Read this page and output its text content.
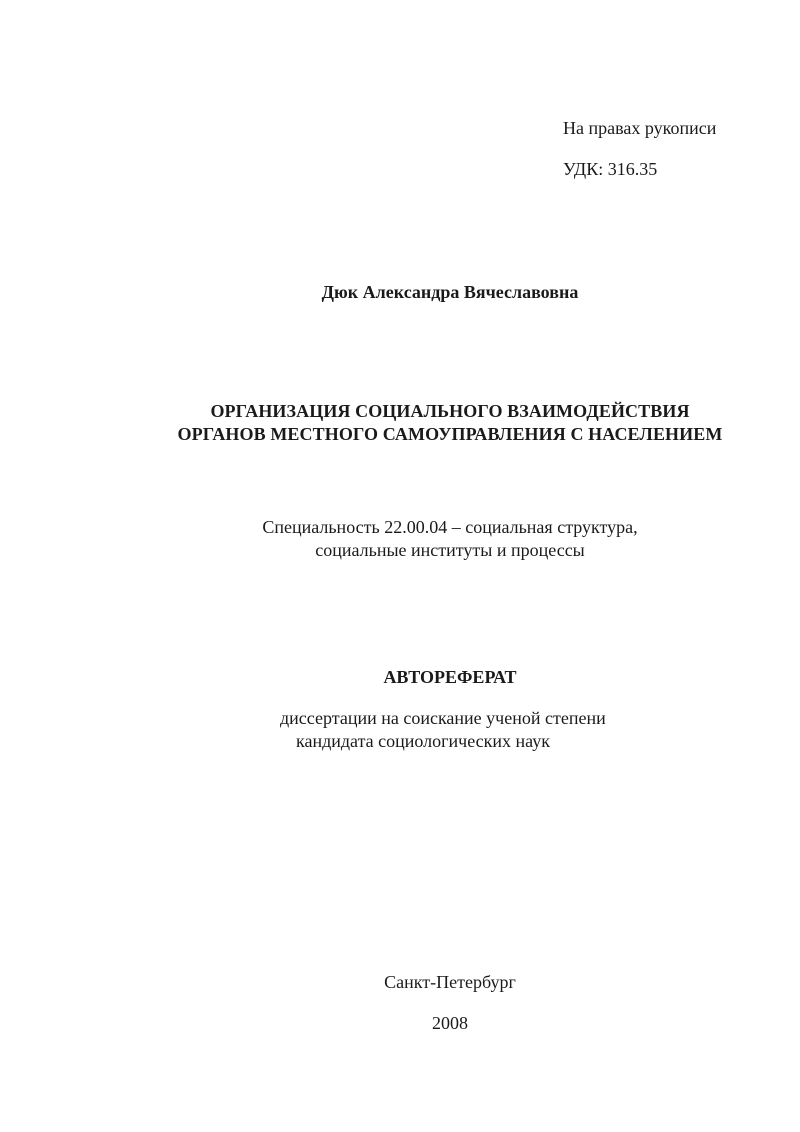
На правах рукописи
УДК: 316.35
Дюк Александра Вячеславовна
ОРГАНИЗАЦИЯ СОЦИАЛЬНОГО ВЗАИМОДЕЙСТВИЯ
ОРГАНОВ МЕСТНОГО САМОУПРАВЛЕНИЯ С НАСЕЛЕНИЕМ
Специальность 22.00.04 – социальная структура,
социальные институты и процессы
АВТОРЕФЕРАТ
диссертации на соискание ученой степени
кандидата социологических наук
Санкт-Петербург
2008
